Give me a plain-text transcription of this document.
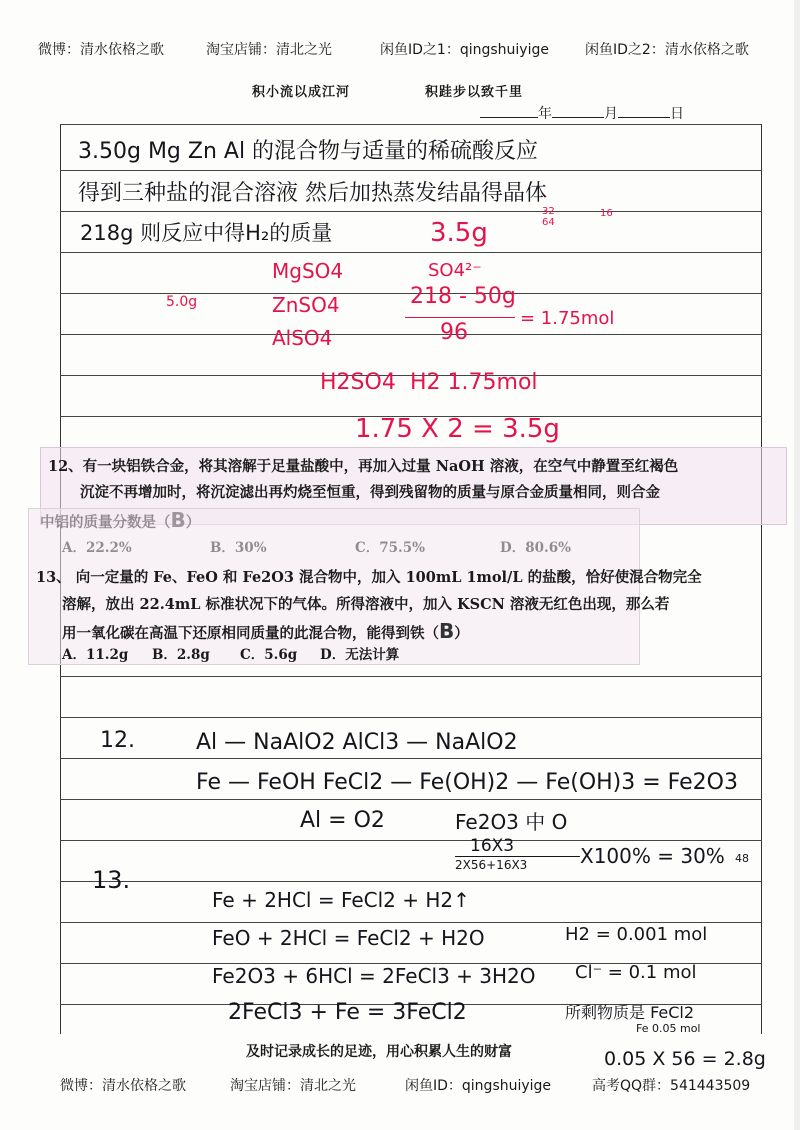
微博：清水依格之歌	淘宝店铺：清北之光	闲鱼ID之1：qingshuiyige	闲鱼ID之2：清水依格之歌
积小流以成江河	积跬步以致千里
年	月	日
3.50g Mg Zn Al 的混合物与适量的稀硫酸反应
得到三种盐的混合溶液 然后加热蒸发结晶得晶体
218g 则反应中得H₂的质量	3.5g
32
64
16
MgSO4
ZnSO4
AlSO4
5.0g
SO4²⁻
218 - 50g
96
= 1.75mol
H2SO4 H2 1.75mol
1.75 X 2 = 3.5g
12、有一块铝铁合金，将其溶解于足量盐酸中，再加入过量 NaOH 溶液，在空气中静置至红褐色
沉淀不再增加时，将沉淀滤出再灼烧至恒重，得到残留物的质量与原合金质量相同，则合金
13、 向一定量的 Fe、FeO 和 Fe2O3 混合物中，加入 100mL 1mol/L 的盐酸，恰好使混合物完全
溶解，放出 22.4mL 标准状况下的气体。所得溶液中，加入 KSCN 溶液无红色出现，那么若
用一氧化碳在高温下还原相同质量的此混合物，能得到铁（B）
A．11.2g B．2.8g C．5.6g D．无法计算
12.	Al — NaAlO2 AlCl3 — NaAlO2
Fe — FeOH FeCl2 — Fe(OH)2 — Fe(OH)3 = Fe2O3
Al = O2	Fe2O3 中 O
16X3
2X56+16X3	X100% = 30% 48
13.
Fe + 2HCl = FeCl2 + H2↑
FeO + 2HCl = FeCl2 + H2O
Fe2O3 + 6HCl = 2FeCl3 + 3H2O
2FeCl3 + Fe = 3FeCl2
H2 = 0.001 mol
Cl⁻ = 0.1 mol
所剩物质是 FeCl2
Fe 0.05 mol
0.05 X 56 = 2.8g
及时记录成长的足迹，用心积累人生的财富
微博：清水依格之歌	淘宝店铺：清北之光	闲鱼ID：qingshuiyige	高考QQ群：541443509
